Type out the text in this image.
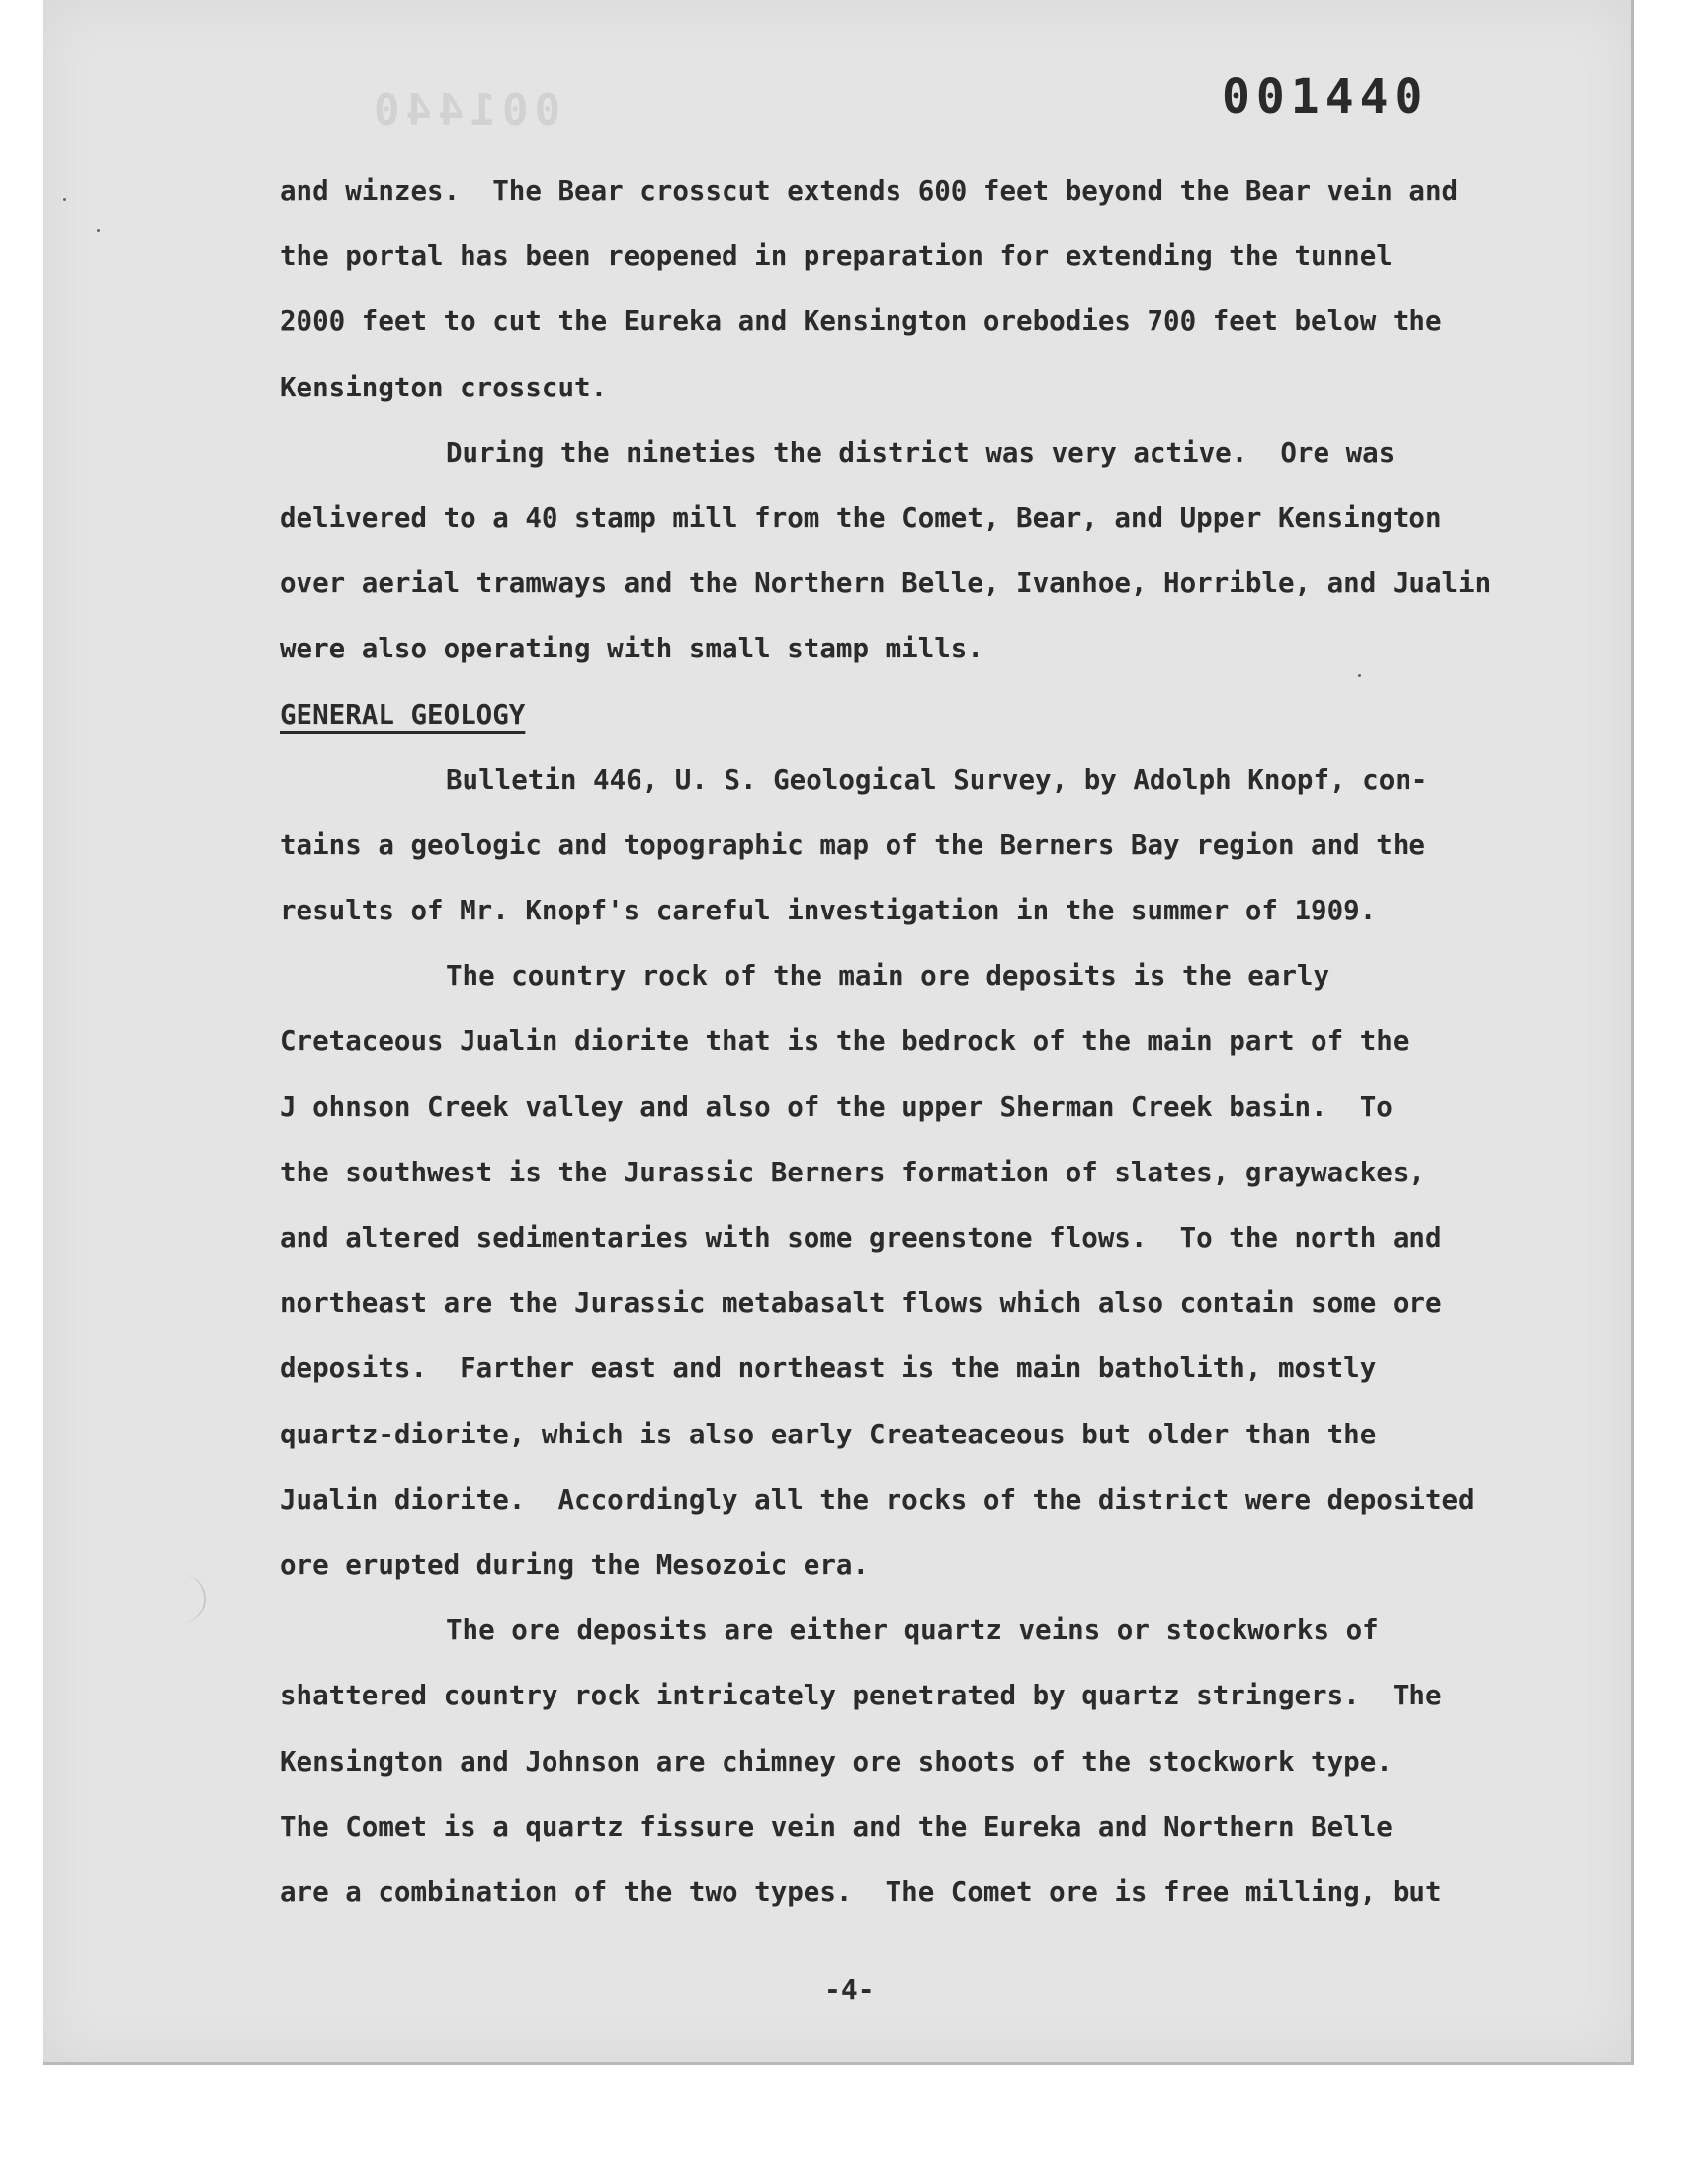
001440	001440
and winzes.  The Bear crosscut extends 600 feet beyond the Bear vein and
the portal has been reopened in preparation for extending the tunnel
2000 feet to cut the Eureka and Kensington orebodies 700 feet below the
Kensington crosscut.
During the nineties the district was very active.  Ore was
delivered to a 40 stamp mill from the Comet, Bear, and Upper Kensington
over aerial tramways and the Northern Belle, Ivanhoe, Horrible, and Jualin
were also operating with small stamp mills.
GENERAL GEOLOGY
Bulletin 446, U. S. Geological Survey, by Adolph Knopf, con-
tains a geologic and topographic map of the Berners Bay region and the
results of Mr. Knopf's careful investigation in the summer of 1909.
The country rock of the main ore deposits is the early
Cretaceous Jualin diorite that is the bedrock of the main part of the
J ohnson Creek valley and also of the upper Sherman Creek basin.  To
the southwest is the Jurassic Berners formation of slates, graywackes,
and altered sedimentaries with some greenstone flows.  To the north and
northeast are the Jurassic metabasalt flows which also contain some ore
deposits.  Farther east and northeast is the main batholith, mostly
quartz-diorite, which is also early Createaceous but older than the
Jualin diorite.  Accordingly all the rocks of the district were deposited
ore erupted during the Mesozoic era.
The ore deposits are either quartz veins or stockworks of
shattered country rock intricately penetrated by quartz stringers.  The
Kensington and Johnson are chimney ore shoots of the stockwork type.
The Comet is a quartz fissure vein and the Eureka and Northern Belle
are a combination of the two types.  The Comet ore is free milling, but
-4-
